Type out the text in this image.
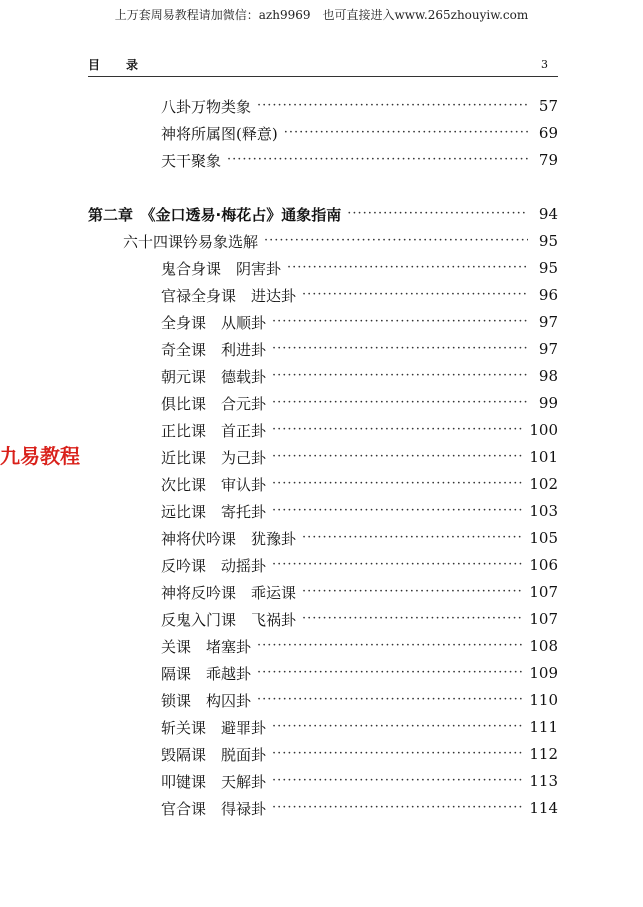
上万套周易教程请加微信：azh9969　也可直接进入www.265zhouyiw.com
目录	3
九易教程
八卦万物类象 ·····	57
神将所属图(释意) ·····	69
天干聚象 ·····	79
第二章　《金口透易·梅花占》通象指南 ·····	94
六十四课钤易象选解 ·····	95
鬼合身课　阴害卦 ·····	95
官禄全身课　进达卦 ·····	96
全身课　从顺卦 ·····	97
奇全课　利进卦 ·····	97
朝元课　德载卦 ·····	98
俱比课　合元卦 ·····	99
正比课　首正卦 ·····	100
近比课　为己卦 ·····	101
次比课　审认卦 ·····	102
远比课　寄托卦 ·····	103
神将伏吟课　犹豫卦 ·····	105
反吟课　动摇卦 ·····	106
神将反吟课　乖运课 ·····	107
反鬼入门课　飞祸卦 ·····	107
关课　堵塞卦 ·····	108
隔课　乖越卦 ·····	109
锁课　构囚卦 ·····	110
斩关课　避罪卦 ·····	111
毁隔课　脱面卦 ·····	112
叩键课　天解卦 ·····	113
官合课　得禄卦 ·····	114
